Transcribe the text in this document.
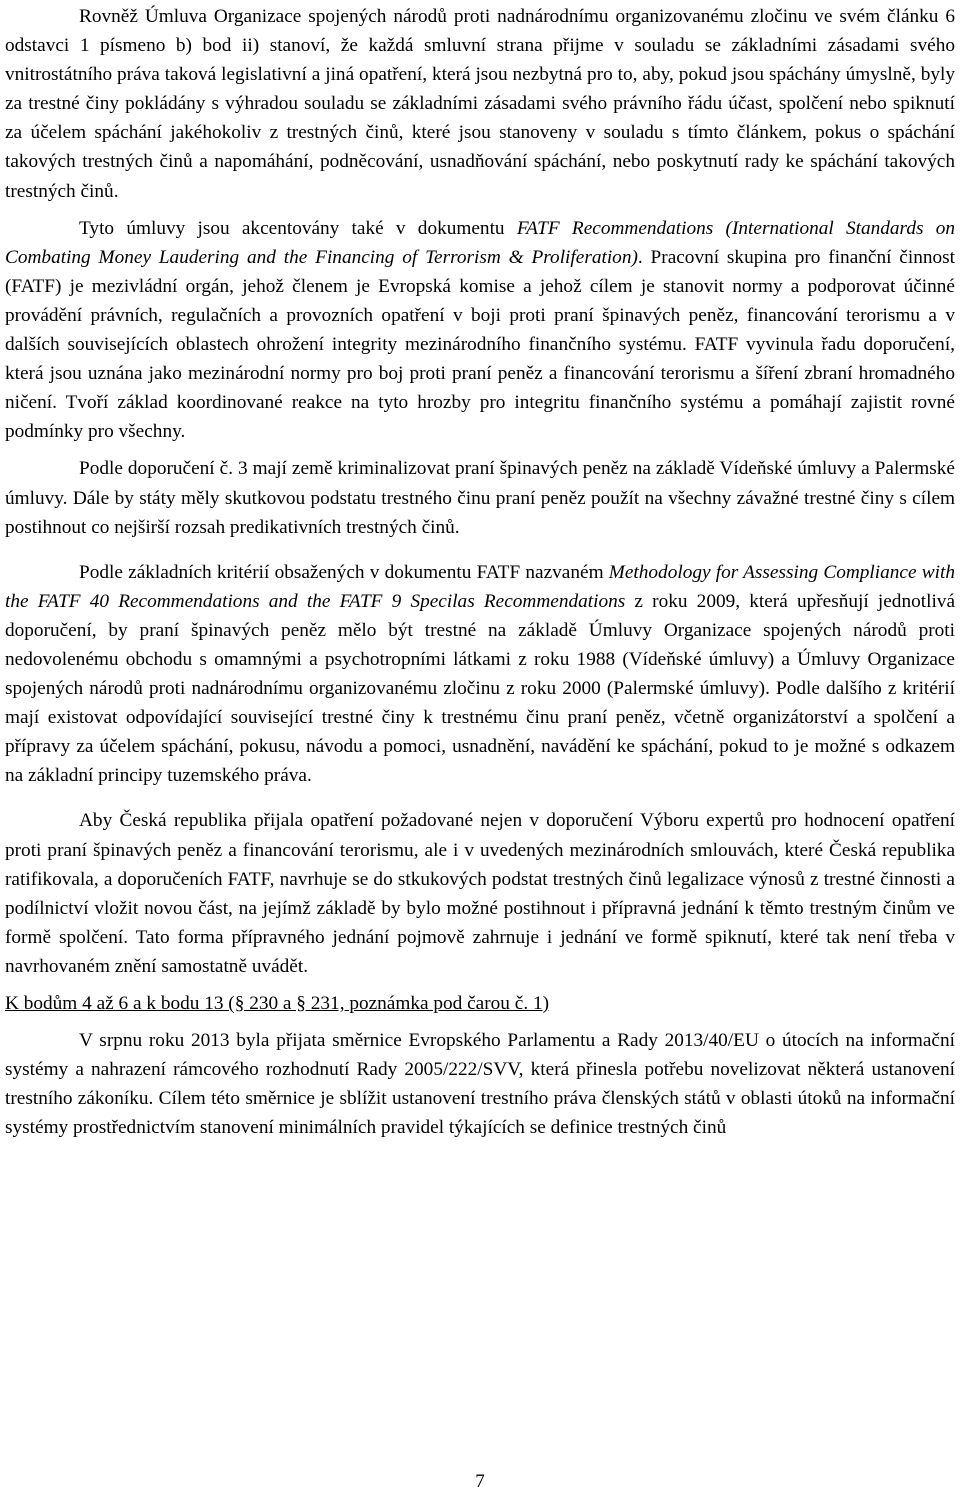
Rovněž Úmluva Organizace spojených národů proti nadnárodnímu organizovanému zločinu ve svém článku 6 odstavci 1 písmeno b) bod ii) stanoví, že každá smluvní strana přijme v souladu se základními zásadami svého vnitrostátního práva taková legislativní a jiná opatření, která jsou nezbytná pro to, aby, pokud jsou spáchány úmyslně, byly za trestné činy pokládány s výhradou souladu se základními zásadami svého právního řádu účast, spolčení nebo spiknutí za účelem spáchání jakéhokoliv z trestných činů, které jsou stanoveny v souladu s tímto článkem, pokus o spáchání takových trestných činů a napomáhání, podněcování, usnadňování spáchání, nebo poskytnutí rady ke spáchání takových trestných činů.

Tyto úmluvy jsou akcentovány také v dokumentu FATF Recommendations (International Standards on Combating Money Laudering and the Financing of Terrorism & Proliferation). Pracovní skupina pro finanční činnost (FATF) je mezivládní orgán, jehož členem je Evropská komise a jehož cílem je stanovit normy a podporovat účinné provádění právních, regulačních a provozních opatření v boji proti praní špinavých peněz, financování terorismu a v dalších souvisejících oblastech ohrožení integrity mezinárodního finančního systému. FATF vyvinula řadu doporučení, která jsou uznána jako mezinárodní normy pro boj proti praní peněz a financování terorismu a šíření zbraní hromadného ničení. Tvoří základ koordinované reakce na tyto hrozby pro integritu finančního systému a pomáhají zajistit rovné podmínky pro všechny.

Podle doporučení č. 3 mají země kriminalizovat praní špinavých peněz na základě Vídeňské úmluvy a Palermské úmluvy. Dále by státy měly skutkovou podstatu trestného činu praní peněz použít na všechny závažné trestné činy s cílem postihnout co nejširší rozsah predikativních trestných činů.

Podle základních kritérií obsažených v dokumentu FATF nazvaném Methodology for Assessing Compliance with the FATF 40 Recommendations and the FATF 9 Specilas Recommendations z roku 2009, která upřesňují jednotlivá doporučení, by praní špinavých peněz mělo být trestné na základě Úmluvy Organizace spojených národů proti nedovolenému obchodu s omamnými a psychotropními látkami z roku 1988 (Vídeňské úmluvy) a Úmluvy Organizace spojených národů proti nadnárodnímu organizovanému zločinu z roku 2000 (Palermské úmluvy). Podle dalšího z kritérií mají existovat odpovídající související trestné činy k trestnému činu praní peněz, včetně organizátorství a spolčení a přípravy za účelem spáchání, pokusu, návodu a pomoci, usnadnění, navádění ke spáchání, pokud to je možné s odkazem na základní principy tuzemského práva.

Aby Česká republika přijala opatření požadované nejen v doporučení Výboru expertů pro hodnocení opatření proti praní špinavých peněz a financování terorismu, ale i v uvedených mezinárodních smlouvách, které Česká republika ratifikovala, a doporučeních FATF, navrhuje se do stkukových podstat trestných činů legalizace výnosů z trestné činnosti a podílnictví vložit novou část, na jejímž základě by bylo možné postihnout i přípravná jednání k těmto trestným činům ve formě spolčení. Tato forma přípravného jednání pojmově zahrnuje i jednání ve formě spiknutí, které tak není třeba v navrhovaném znění samostatně uvádět.

K bodům 4 až 6 a k bodu 13 (§ 230 a § 231, poznámka pod čarou č. 1)

V srpnu roku 2013 byla přijata směrnice Evropského Parlamentu a Rady 2013/40/EU o útocích na informační systémy a nahrazení rámcového rozhodnutí Rady 2005/222/SVV, která přinesla potřebu novelizovat některá ustanovení trestního zákoníku. Cílem této směrnice je sblížit ustanovení trestního práva členských států v oblasti útoků na informační systémy prostřednictvím stanovení minimálních pravidel týkajících se definice trestných činů

7
